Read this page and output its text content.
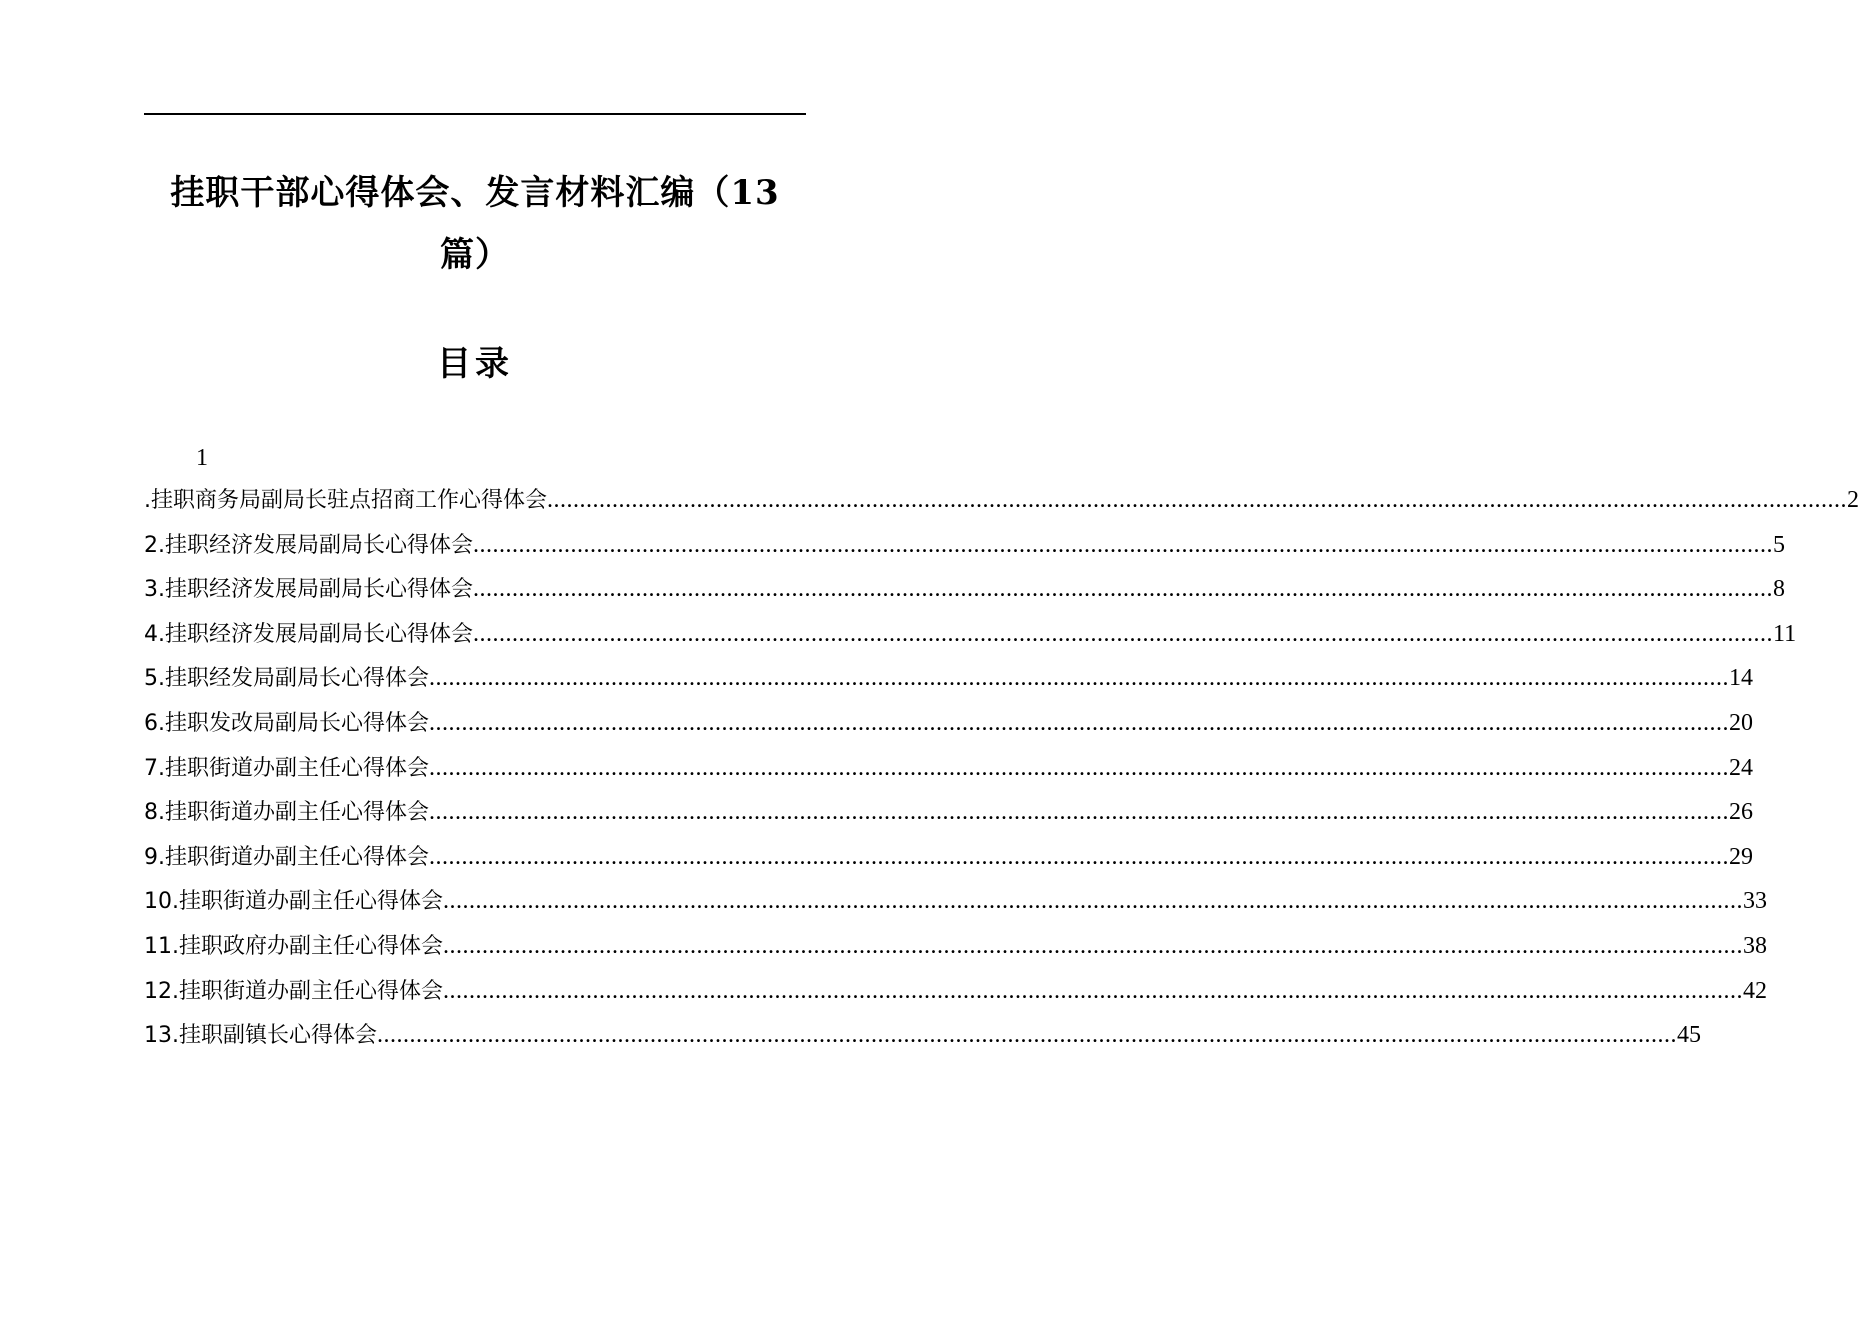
挂职干部心得体会、发言材料汇编（13
篇）
目录
1
.挂职商务局副局长驻点招商工作心得体会 ........................................................................................................................................................................................................ 2
2.挂职经济发展局副局长心得体会 ........................................................................................................................................................................................................ 5
3.挂职经济发展局副局长心得体会 ........................................................................................................................................................................................................ 8
4.挂职经济发展局副局长心得体会 ........................................................................................................................................................................................................ 11
5.挂职经发局副局长心得体会 ........................................................................................................................................................................................................ 14
6.挂职发改局副局长心得体会 ........................................................................................................................................................................................................ 20
7.挂职街道办副主任心得体会 ........................................................................................................................................................................................................ 24
8.挂职街道办副主任心得体会 ........................................................................................................................................................................................................ 26
9.挂职街道办副主任心得体会 ........................................................................................................................................................................................................ 29
10.挂职街道办副主任心得体会 ........................................................................................................................................................................................................ 33
11.挂职政府办副主任心得体会 ........................................................................................................................................................................................................ 38
12.挂职街道办副主任心得体会 ........................................................................................................................................................................................................ 42
13.挂职副镇长心得体会 ........................................................................................................................................................................................................ 45
